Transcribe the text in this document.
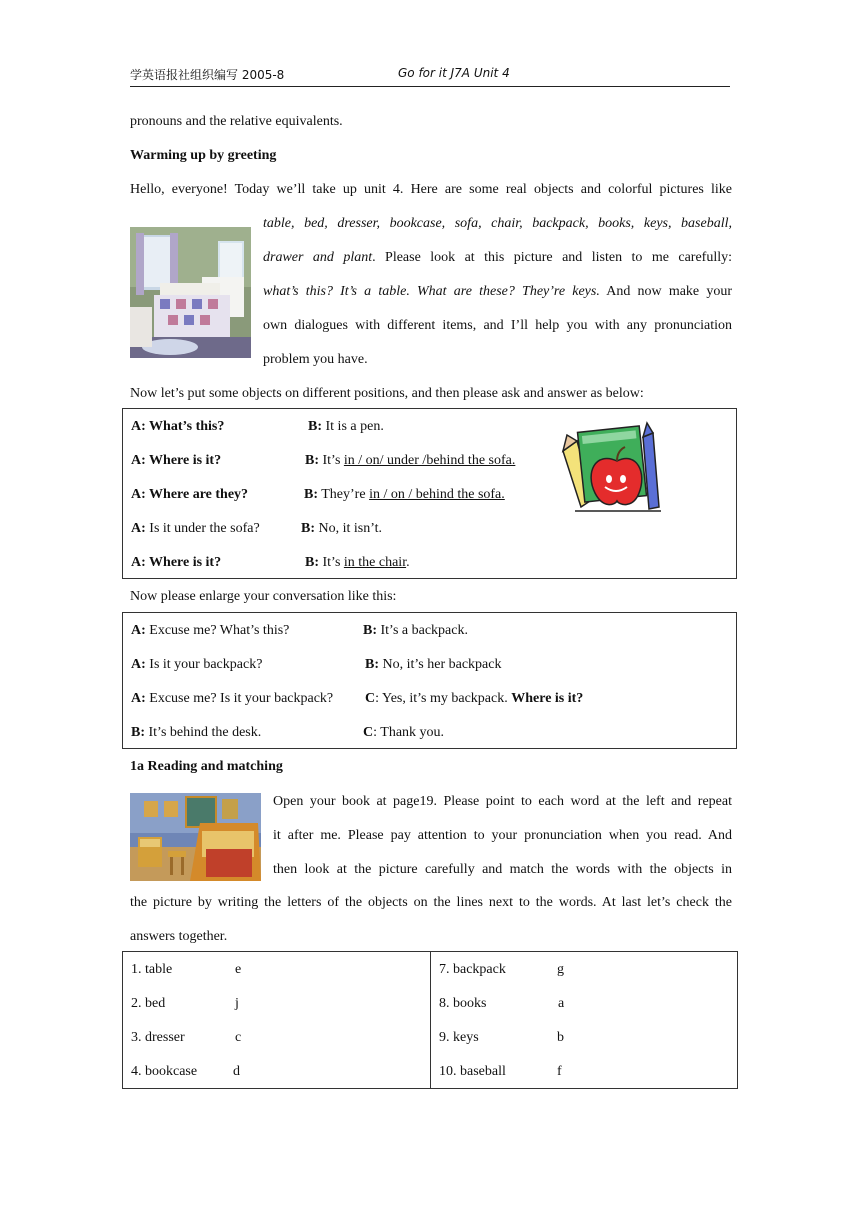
学英语报社组织编写 2005-8	Go for it J7A Unit 4
pronouns and the relative equivalents.
Warming up by greeting
Hello, everyone! Today we’ll take up unit 4. Here are some real objects and colorful pictures like
table, bed, dresser, bookcase, sofa, chair, backpack, books, keys, baseball,
drawer and plant. Please look at this picture and listen to me carefully:
what’s this? It’s a table. What are these? They’re keys. And now make your
own dialogues with different items, and I’ll help you with any pronunciation
problem you have.
Now let’s put some objects on different positions, and then please ask and answer as below:
A: What’s this?	B: It is a pen.
A: Where is it?	B: It’s in / on/ under /behind the sofa.
A: Where are they?	B: They’re in / on / behind the sofa.
A: Is it under the sofa?	B: No, it isn’t.
A: Where is it?	B: It’s in the chair.
Now please enlarge your conversation like this:
A: Excuse me? What’s this?	B: It’s a backpack.
A: Is it your backpack?	B: No, it’s her backpack
A: Excuse me? Is it your backpack? C: Yes, it’s my backpack. Where is it?
B: It’s behind the desk.	C: Thank you.
1a Reading and matching
Open your book at page19. Please point to each word at the left and repeat
it after me. Please pay attention to your pronunciation when you read. And
then look at the picture carefully and match the words with the objects in
the picture by writing the letters of the objects on the lines next to the words. At last let’s check the
answers together.
1. table	e
2. bed	j
3. dresser	c
4. bookcase	d
7. backpack	g
8. books	a
9. keys	b
10. baseball	f
